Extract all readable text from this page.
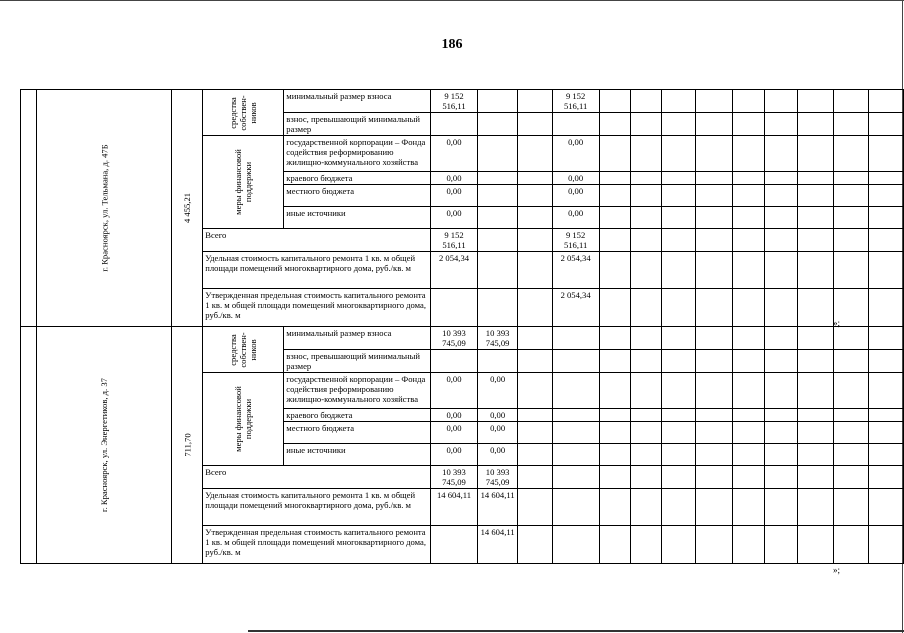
186
	г. Красноярск, ул. Тельмана, д. 47Б	4 455,21	средства собствен-ников	минимальный размер взноса	9 152 516,11			9 152 516,11									
				взнос, превышающий минимальный размер													
			меры финансовой поддержки	государственной корпорации – Фонда содействия реформированию жилищно-коммунального хозяйства	0,00			0,00									
				краевого бюджета	0,00			0,00									
				местного бюджета	0,00			0,00									
				иные источники	0,00			0,00									
			Всего		9 152 516,11			9 152 516,11									
			Удельная стоимость капитального ремонта 1 кв. м общей площади помещений многоквартирного дома, руб./кв. м		2 054,34			2 054,34									
			Утвержденная предельная стоимость капитального ремонта 1 кв. м общей площади помещений многоквартирного дома, руб./кв. м					2 054,34									
	г. Красноярск, ул. Энергетиков, д. 37	711,70	средства собствен-ников	минимальный размер взноса	10 393 745,09	10 393 745,09											
				взнос, превышающий минимальный размер													
			меры финансовой поддержки	государственной корпорации – Фонда содействия реформированию жилищно-коммунального хозяйства	0,00	0,00											
				краевого бюджета	0,00	0,00											
				местного бюджета	0,00	0,00											
				иные источники	0,00	0,00											
			Всего		10 393 745,09	10 393 745,09											
			Удельная стоимость капитального ремонта 1 кв. м общей площади помещений многоквартирного дома, руб./кв. м		14 604,11	14 604,11											
			Утвержденная предельная стоимость капитального ремонта 1 кв. м общей площади помещений многоквартирного дома, руб./кв. м			14 604,11											
»;
»;
